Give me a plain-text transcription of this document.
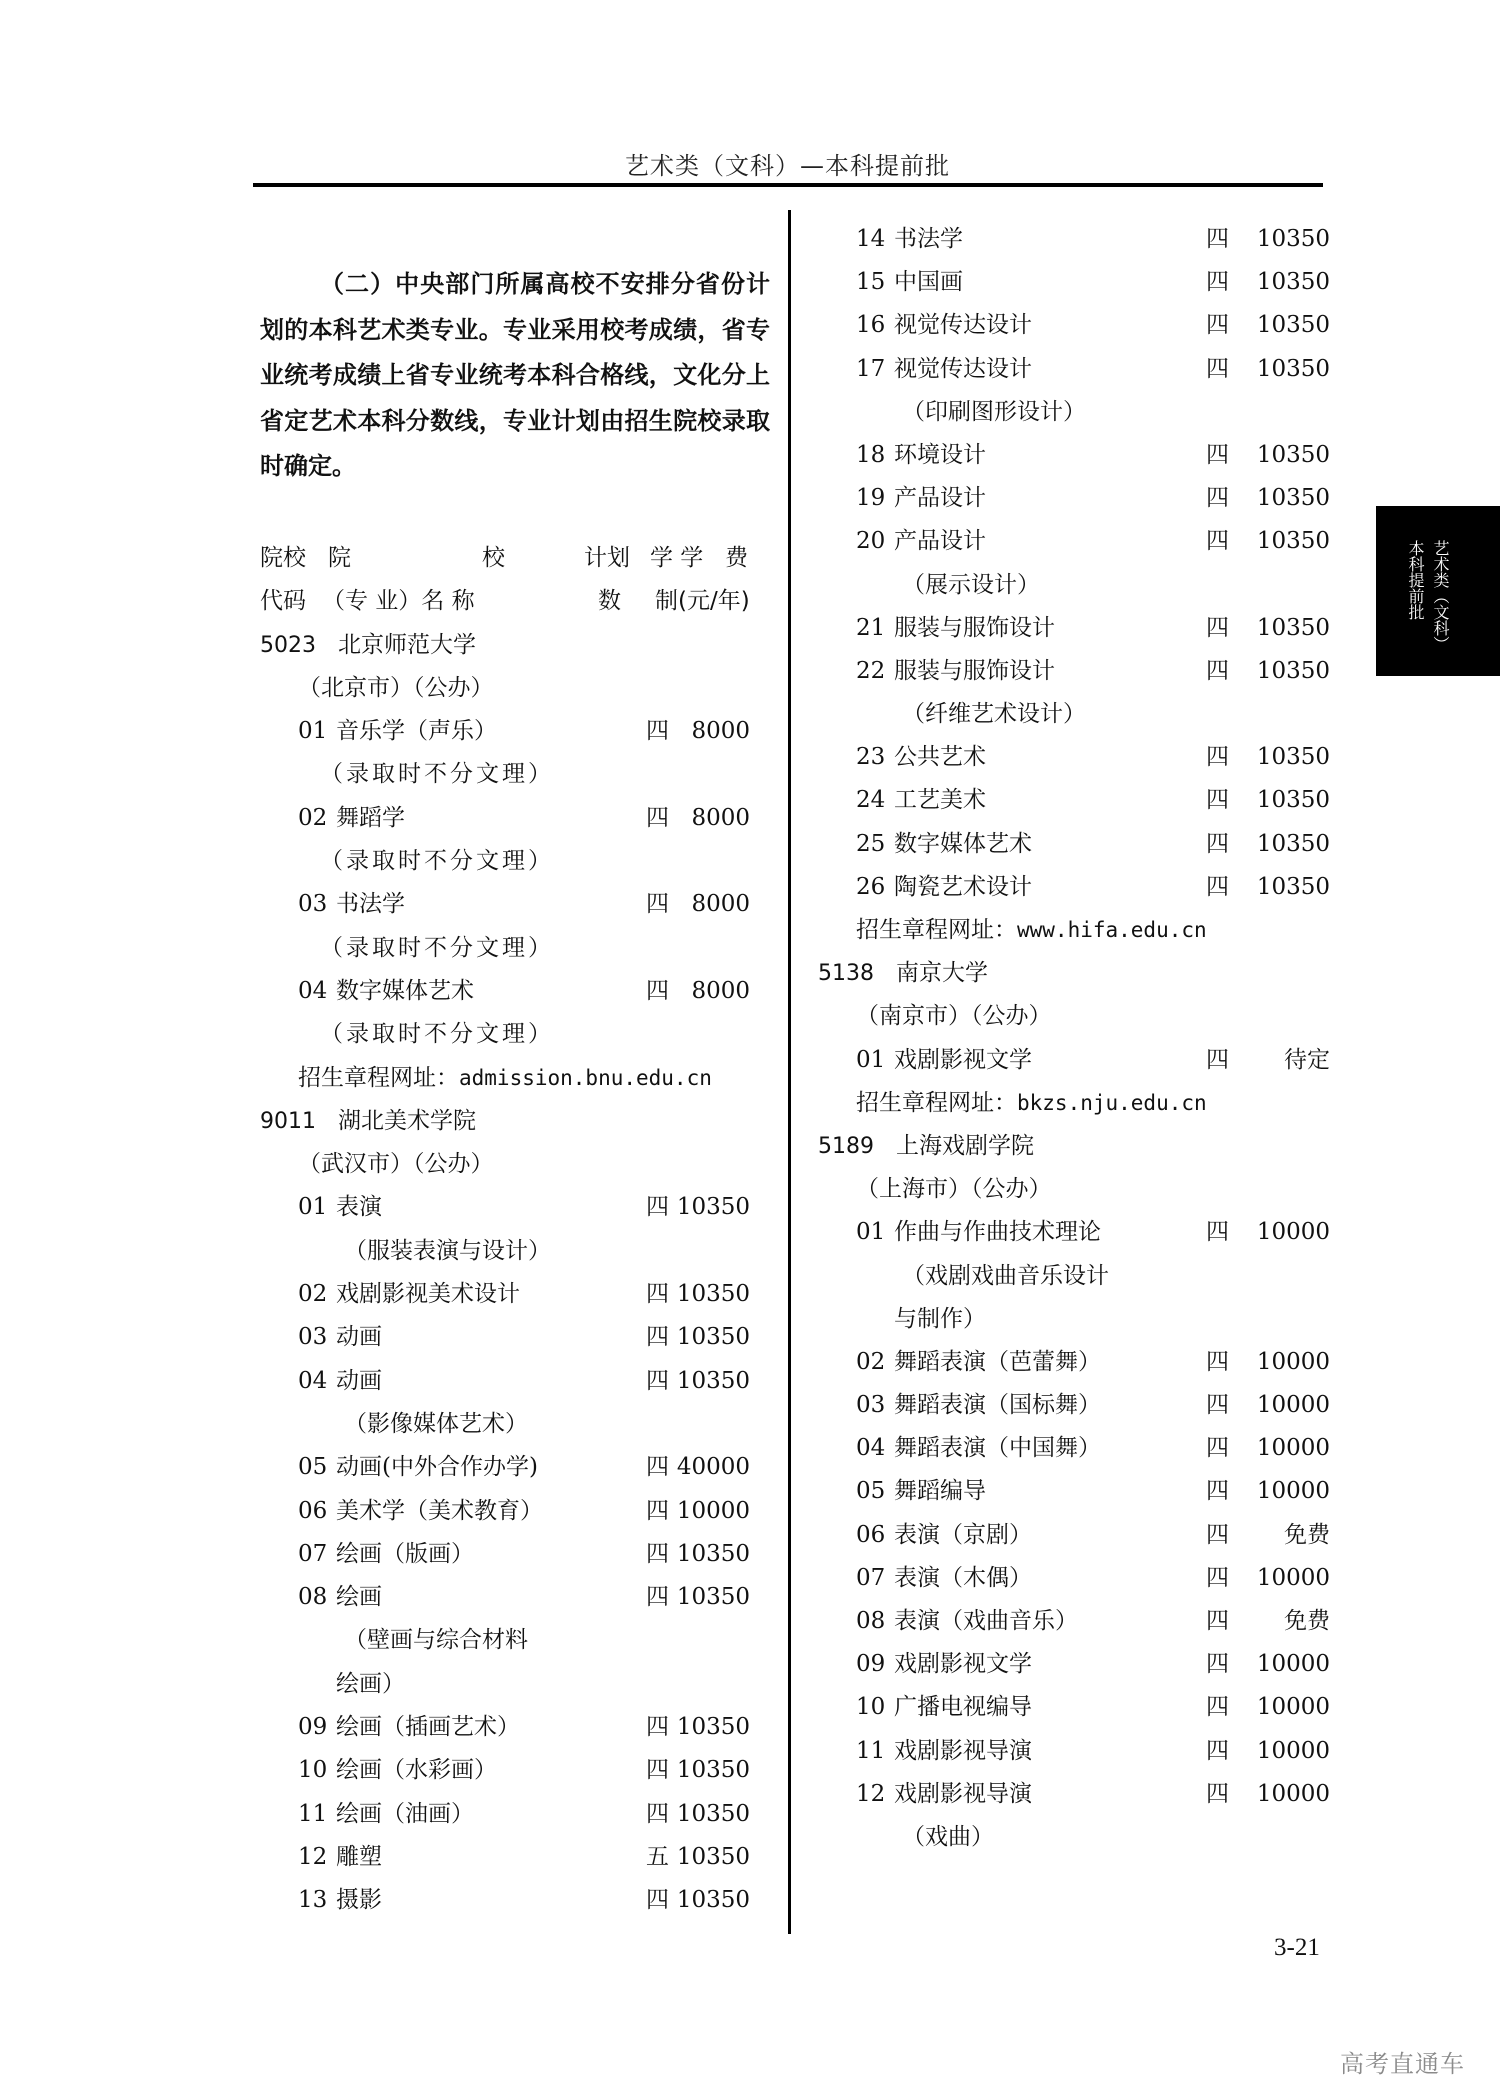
艺术类（文科）—本科提前批
艺术类（文科）
本科提前批
（二）中央部门所属高校不安排分省份计划的本科艺术类专业。专业采用校考成绩，省专业统考成绩上省专业统考本科合格线，文化分上省定艺术本科分数线，专业计划由招生院校录取时确定。
院校 院	校	计划 学 学 费
代码 （专 业）名 称	数 制 (元/年)
5023 北京师范大学
（北京市）（公办）
01 音乐学（声乐）	四 8000
（录取时不分文理）
02 舞蹈学	四 8000
（录取时不分文理）
03 书法学	四 8000
（录取时不分文理）
04 数字媒体艺术	四 8000
（录取时不分文理）
招生章程网址：admission.bnu.edu.cn
9011 湖北美术学院
（武汉市）（公办）
01 表演	四 10350
（服装表演与设计）
02 戏剧影视美术设计	四 10350
03 动画	四 10350
04 动画	四 10350
（影像媒体艺术）
05 动画(中外合作办学)	四 40000
06 美术学（美术教育）	四 10000
07 绘画（版画）	四 10350
08 绘画	四 10350
（壁画与综合材料
绘画）
09 绘画（插画艺术）	四 10350
10 绘画（水彩画）	四 10350
11 绘画（油画）	四 10350
12 雕塑	五 10350
13 摄影	四 10350
14 书法学	四 10350
15 中国画	四 10350
16 视觉传达设计	四 10350
17 视觉传达设计	四 10350
（印刷图形设计）
18 环境设计	四 10350
19 产品设计	四 10350
20 产品设计	四 10350
（展示设计）
21 服装与服饰设计	四 10350
22 服装与服饰设计	四 10350
（纤维艺术设计）
23 公共艺术	四 10350
24 工艺美术	四 10350
25 数字媒体艺术	四 10350
26 陶瓷艺术设计	四 10350
招生章程网址：www.hifa.edu.cn
5138 南京大学
（南京市）（公办）
01 戏剧影视文学	四 待定
招生章程网址：bkzs.nju.edu.cn
5189 上海戏剧学院
（上海市）（公办）
01 作曲与作曲技术理论	四 10000
（戏剧戏曲音乐设计
与制作）
02 舞蹈表演（芭蕾舞）	四 10000
03 舞蹈表演（国标舞）	四 10000
04 舞蹈表演（中国舞）	四 10000
05 舞蹈编导	四 10000
06 表演（京剧）	四 免费
07 表演（木偶）	四 10000
08 表演（戏曲音乐）	四 免费
09 戏剧影视文学	四 10000
10 广播电视编导	四 10000
11 戏剧影视导演	四 10000
12 戏剧影视导演	四 10000
（戏曲）
3-21
高考直通车
